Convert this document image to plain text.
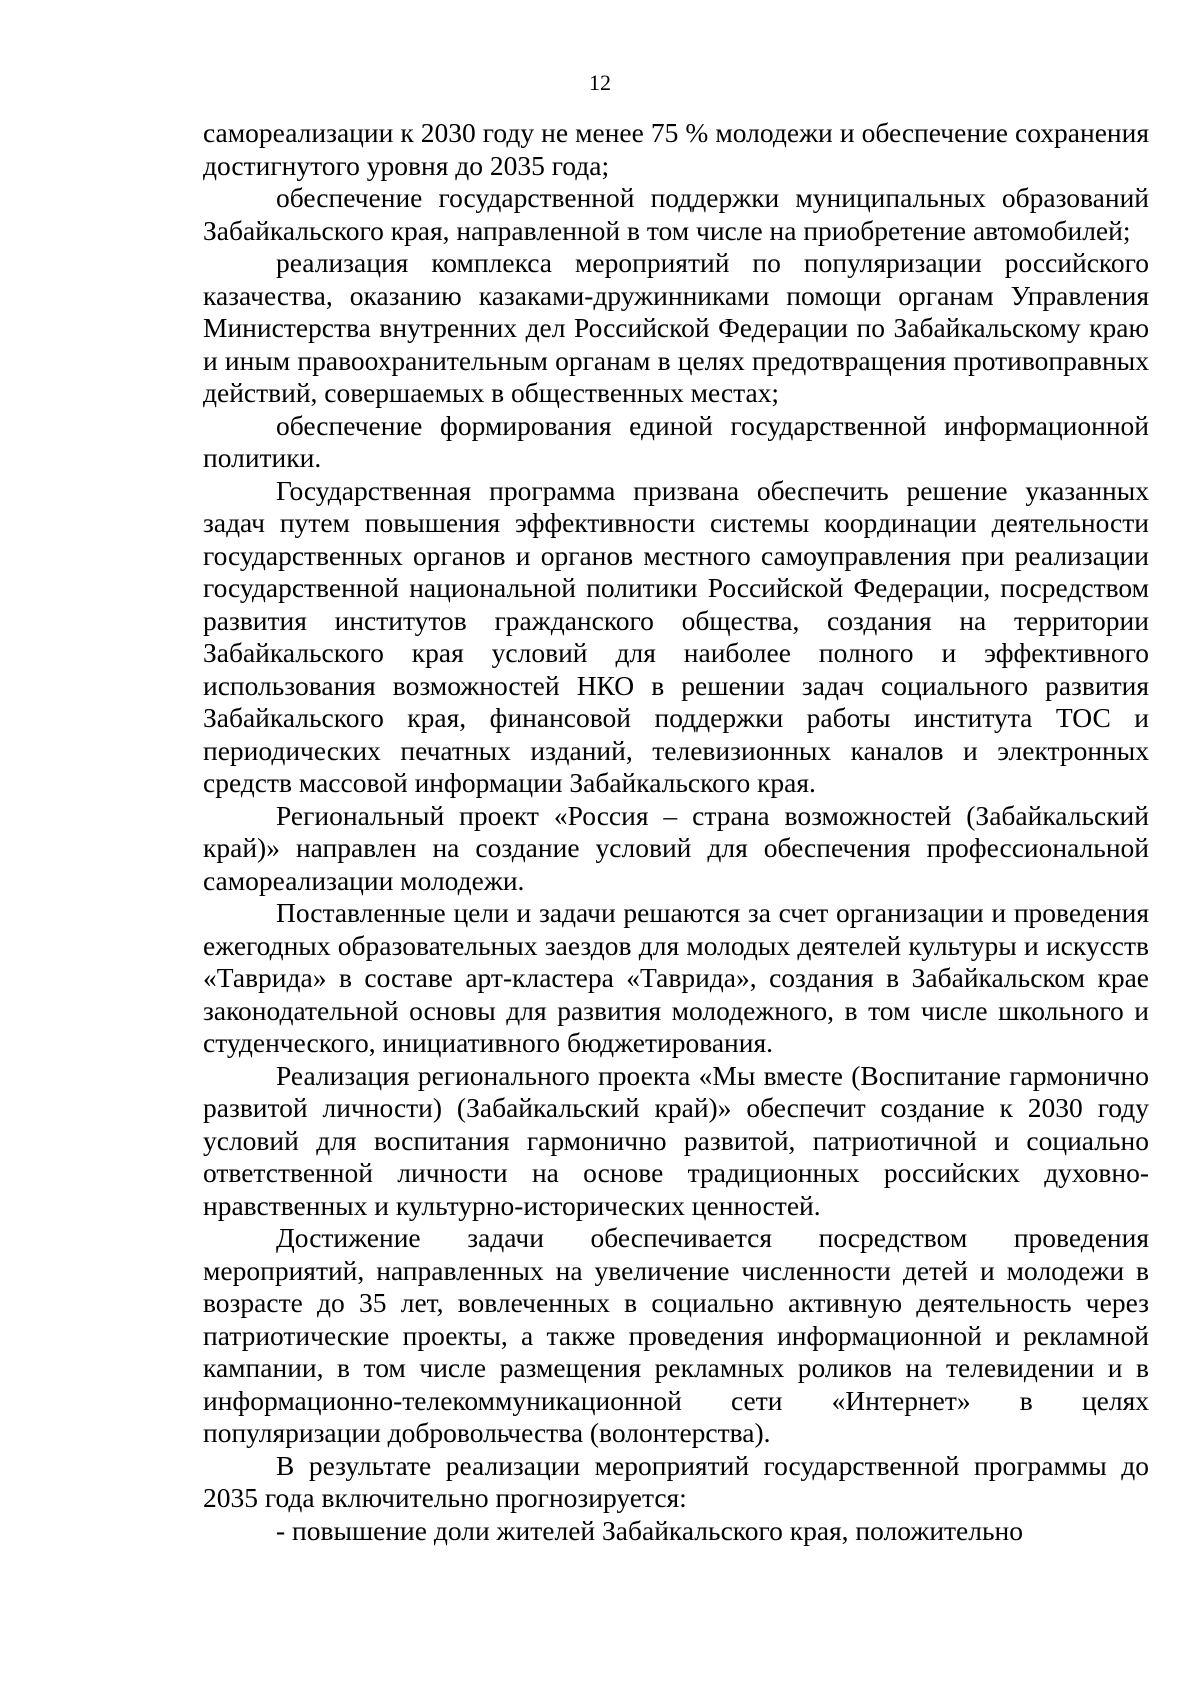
12

самореализации к 2030 году не менее 75 % молодежи и обеспечение сохранения достигнутого уровня до 2035 года;

обеспечение государственной поддержки муниципальных образований Забайкальского края, направленной в том числе на приобретение автомобилей;

реализация комплекса мероприятий по популяризации российского казачества, оказанию казаками-дружинниками помощи органам Управления Министерства внутренних дел Российской Федерации по Забайкальскому краю и иным правоохранительным органам в целях предотвращения противоправных действий, совершаемых в общественных местах;

обеспечение формирования единой государственной информационной политики.

Государственная программа призвана обеспечить решение указанных задач путем повышения эффективности системы координации деятельности государственных органов и органов местного самоуправления при реализации государственной национальной политики Российской Федерации, посредством развития институтов гражданского общества, создания на территории Забайкальского края условий для наиболее полного и эффективного использования возможностей НКО в решении задач социального развития Забайкальского края, финансовой поддержки работы института ТОС и периодических печатных изданий, телевизионных каналов и электронных средств массовой информации Забайкальского края.

Региональный проект «Россия – страна возможностей (Забайкальский край)» направлен на создание условий для обеспечения профессиональной самореализации молодежи.

Поставленные цели и задачи решаются за счет организации и проведения ежегодных образовательных заездов для молодых деятелей культуры и искусств «Таврида» в составе арт-кластера «Таврида», создания в Забайкальском крае законодательной основы для развития молодежного, в том числе школьного и студенческого, инициативного бюджетирования.

Реализация регионального проекта «Мы вместе (Воспитание гармонично развитой личности) (Забайкальский край)» обеспечит создание к 2030 году условий для воспитания гармонично развитой, патриотичной и социально ответственной личности на основе традиционных российских духовно-нравственных и культурно-исторических ценностей.

Достижение задачи обеспечивается посредством проведения мероприятий, направленных на увеличение численности детей и молодежи в возрасте до 35 лет, вовлеченных в социально активную деятельность через патриотические проекты, а также проведения информационной и рекламной кампании, в том числе размещения рекламных роликов на телевидении и в информационно-телекоммуникационной сети «Интернет» в целях популяризации добровольчества (волонтерства).

В результате реализации мероприятий государственной программы до 2035 года включительно прогнозируется:

- повышение доли жителей Забайкальского края, положительно
